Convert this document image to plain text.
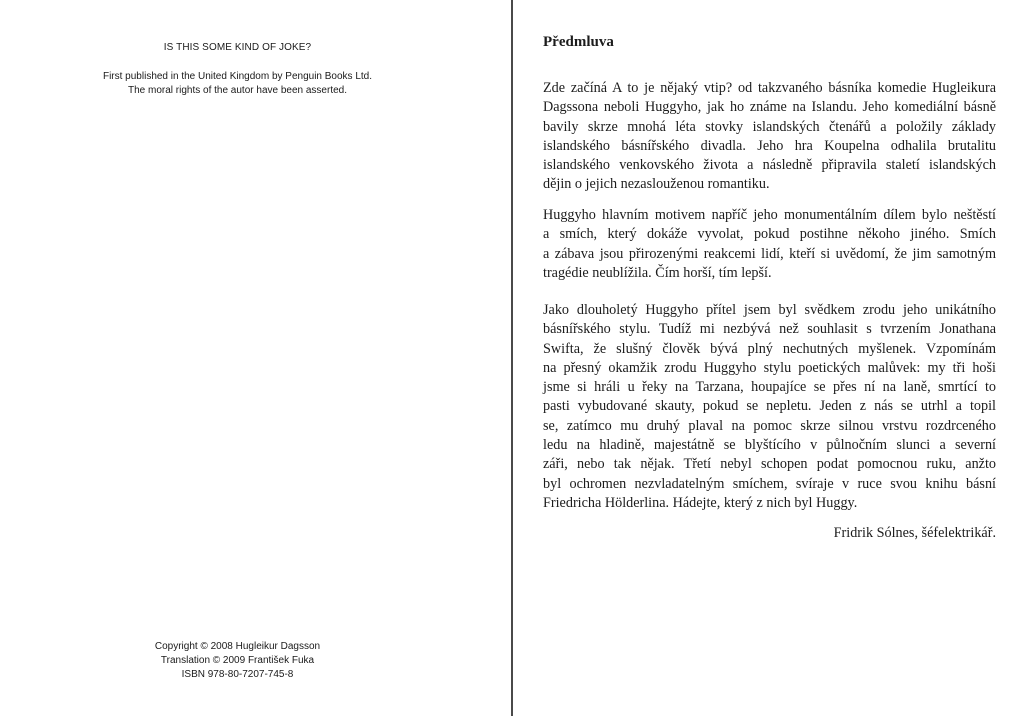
IS THIS SOME KIND OF JOKE?
First published in the United Kingdom by Penguin Books Ltd.
The moral rights of the autor have been asserted.
Copyright © 2008 Hugleikur Dagsson
Translation © 2009 František Fuka
ISBN 978-80-7207-745-8
Předmluva
Zde začíná A to je nějaký vtip? od takzvaného básníka komedie Hugleikura
Dagssona neboli Huggyho, jak ho známe na Islandu. Jeho komediální básně
bavily skrze mnohá léta stovky islandských čtenářů a položily základy
islandského básnířského divadla. Jeho hra Koupelna odhalila brutalitu
islandského venkovského života a následně připravila staletí islandských
dějin o jejich nezaslouženou romantiku.
Huggyho hlavním motivem napříč jeho monumentálním dílem bylo neštěstí
a smích, který dokáže vyvolat, pokud postihne někoho jiného. Smích
a zábava jsou přirozenými reakcemi lidí, kteří si uvědomí, že jim samotným
tragédie neublížila. Čím horší, tím lepší.
Jako dlouholetý Huggyho přítel jsem byl svědkem zrodu jeho unikátního
básnířského stylu. Tudíž mi nezbývá než souhlasit s tvrzením Jonathana
Swifta, že slušný člověk bývá plný nechutných myšlenek. Vzpomínám
na přesný okamžik zrodu Huggyho stylu poetických malůvek: my tři hoši
jsme si hráli u řeky na Tarzana, houpajíce se přes ní na laně, smrtící to
pasti vybudované skauty, pokud se nepletu. Jeden z nás se utrhl a topil
se, zatímco mu druhý plaval na pomoc skrze silnou vrstvu rozdrceného
ledu na hladině, majestátně se blyštícího v půlnočním slunci a severní
záři, nebo tak nějak. Třetí nebyl schopen podat pomocnou ruku, anžto
byl ochromen nezvladatelným smíchem, svíraje v ruce svou knihu básní
Friedricha Hölderlina. Hádejte, který z nich byl Huggy.
Fridrik Sólnes, šéfelektrikář.
